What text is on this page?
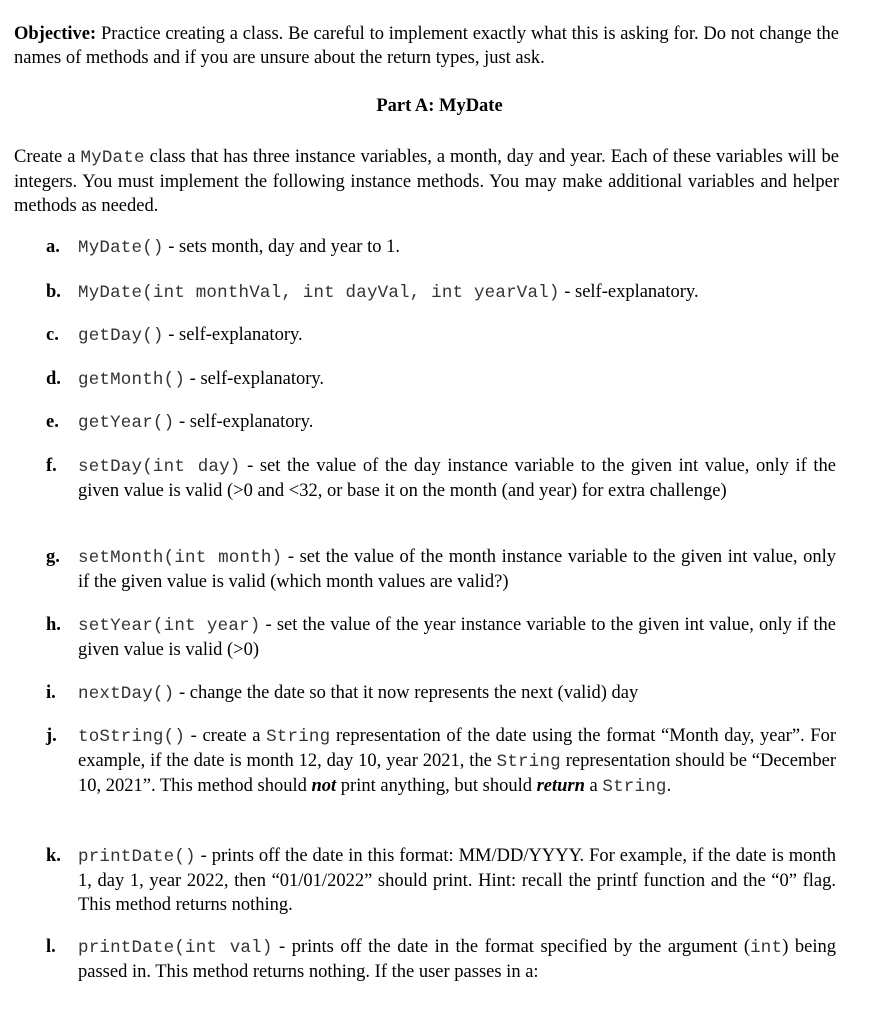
Objective: Practice creating a class. Be careful to implement exactly what this is asking for. Do not change the names of methods and if you are unsure about the return types, just ask.
Part A: MyDate
Create a MyDate class that has three instance variables, a month, day and year. Each of these variables will be integers. You must implement the following instance methods. You may make additional variables and helper methods as needed.
a. MyDate() - sets month, day and year to 1.
b. MyDate(int monthVal, int dayVal, int yearVal) - self-explanatory.
c. getDay() - self-explanatory.
d. getMonth() - self-explanatory.
e. getYear() - self-explanatory.
f. setDay(int day) - set the value of the day instance variable to the given int value, only if the given value is valid (>0 and <32, or base it on the month (and year) for extra challenge)
g. setMonth(int month) - set the value of the month instance variable to the given int value, only if the given value is valid (which month values are valid?)
h. setYear(int year) - set the value of the year instance variable to the given int value, only if the given value is valid (>0)
i. nextDay() - change the date so that it now represents the next (valid) day
j. toString() - create a String representation of the date using the format “Month day, year”. For example, if the date is month 12, day 10, year 2021, the String representation should be “December 10, 2021”. This method should not print anything, but should return a String.
k. printDate() - prints off the date in this format: MM/DD/YYYY. For example, if the date is month 1, day 1, year 2022, then “01/01/2022” should print. Hint: recall the printf function and the “0” flag. This method returns nothing.
l. printDate(int val) - prints off the date in the format specified by the argument (int) being passed in. This method returns nothing. If the user passes in a:
